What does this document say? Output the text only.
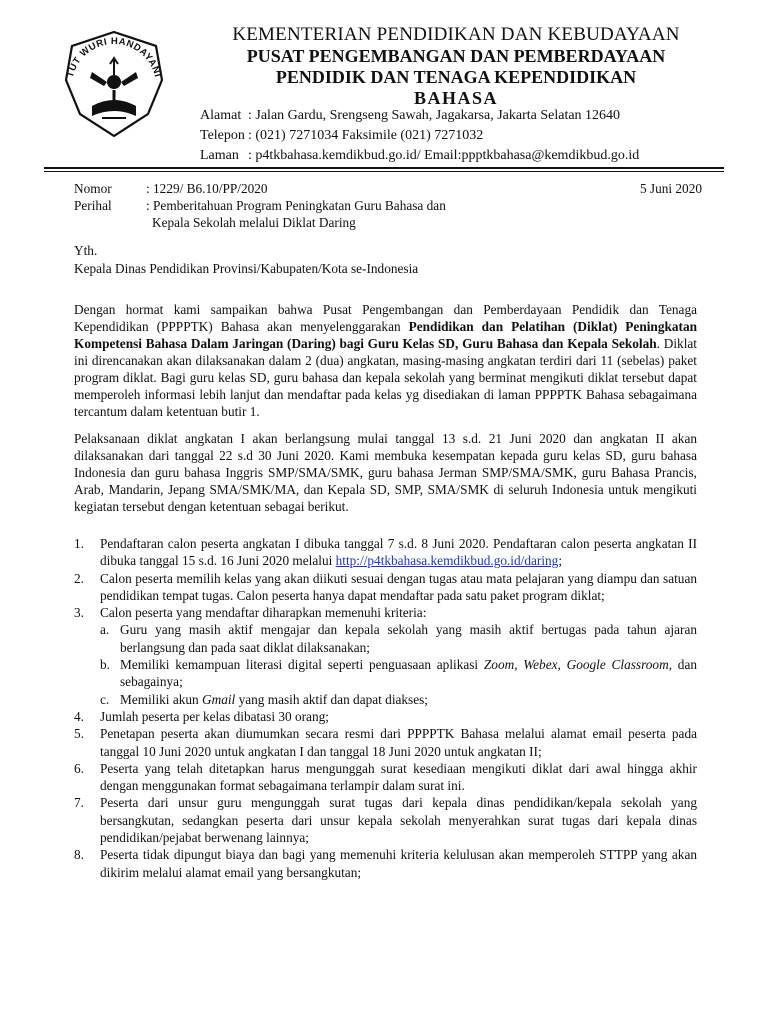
TUT WURI HANDAYANI
KEMENTERIAN PENDIDIKAN DAN KEBUDAYAAN
PUSAT PENGEMBANGAN DAN PEMBERDAYAAN
PENDIDIK DAN TENAGA KEPENDIDIKAN
BAHASA
Alamat : Jalan Gardu, Srengseng Sawah, Jagakarsa, Jakarta Selatan 12640
Telepon : (021) 7271034 Faksimile (021) 7271032
Laman : p4tkbahasa.kemdikbud.go.id/ Email:ppptkbahasa@kemdikbud.go.id
Nomor	: 1229/ B6.10/PP/2020	5 Juni 2020
Perihal	: Pemberitahuan Program Peningkatan Guru Bahasa dan
Kepala Sekolah melalui Diklat Daring
Yth.
Kepala Dinas Pendidikan Provinsi/Kabupaten/Kota se-Indonesia
Dengan hormat kami sampaikan bahwa Pusat Pengembangan dan Pemberdayaan Pendidik dan Tenaga Kependidikan (PPPPTK) Bahasa akan menyelenggarakan Pendidikan dan Pelatihan (Diklat) Peningkatan Kompetensi Bahasa Dalam Jaringan (Daring) bagi Guru Kelas SD, Guru Bahasa dan Kepala Sekolah. Diklat ini direncanakan akan dilaksanakan dalam 2 (dua) angkatan, masing-masing angkatan terdiri dari 11 (sebelas) paket program diklat. Bagi guru kelas SD, guru bahasa dan kepala sekolah yang berminat mengikuti diklat tersebut dapat memperoleh informasi lebih lanjut dan mendaftar pada kelas yg disediakan di laman PPPPTK Bahasa sebagaimana tercantum dalam ketentuan butir 1.
Pelaksanaan diklat angkatan I akan berlangsung mulai tanggal 13 s.d. 21 Juni 2020 dan angkatan II akan dilaksanakan dari tanggal 22 s.d 30 Juni 2020. Kami membuka kesempatan kepada guru kelas SD, guru bahasa Indonesia dan guru bahasa Inggris SMP/SMA/SMK, guru bahasa Jerman SMP/SMA/SMK, guru Bahasa Prancis, Arab, Mandarin, Jepang SMA/SMK/MA, dan Kepala SD, SMP, SMA/SMK di seluruh Indonesia untuk mengikuti kegiatan tersebut dengan ketentuan sebagai berikut.
1. Pendaftaran calon peserta angkatan I dibuka tanggal 7 s.d. 8 Juni 2020. Pendaftaran calon peserta angkatan II dibuka tanggal 15 s.d. 16 Juni 2020 melalui http://p4tkbahasa.kemdikbud.go.id/daring;
2. Calon peserta memilih kelas yang akan diikuti sesuai dengan tugas atau mata pelajaran yang diampu dan satuan pendidikan tempat tugas. Calon peserta hanya dapat mendaftar pada satu paket program diklat;
3. Calon peserta yang mendaftar diharapkan memenuhi kriteria:
a. Guru yang masih aktif mengajar dan kepala sekolah yang masih aktif bertugas pada tahun ajaran berlangsung dan pada saat diklat dilaksanakan;
b. Memiliki kemampuan literasi digital seperti penguasaan aplikasi Zoom, Webex, Google Classroom, dan sebagainya;
c. Memiliki akun Gmail yang masih aktif dan dapat diakses;
4. Jumlah peserta per kelas dibatasi 30 orang;
5. Penetapan peserta akan diumumkan secara resmi dari PPPPTK Bahasa melalui alamat email peserta pada tanggal 10 Juni 2020 untuk angkatan I dan tanggal 18 Juni 2020 untuk angkatan II;
6. Peserta yang telah ditetapkan harus mengunggah surat kesediaan mengikuti diklat dari awal hingga akhir dengan menggunakan format sebagaimana terlampir dalam surat ini.
7. Peserta dari unsur guru mengunggah surat tugas dari kepala dinas pendidikan/kepala sekolah yang bersangkutan, sedangkan peserta dari unsur kepala sekolah menyerahkan surat tugas dari kepala dinas pendidikan/pejabat berwenang lainnya;
8. Peserta tidak dipungut biaya dan bagi yang memenuhi kriteria kelulusan akan memperoleh STTPP yang akan dikirim melalui alamat email yang bersangkutan;
